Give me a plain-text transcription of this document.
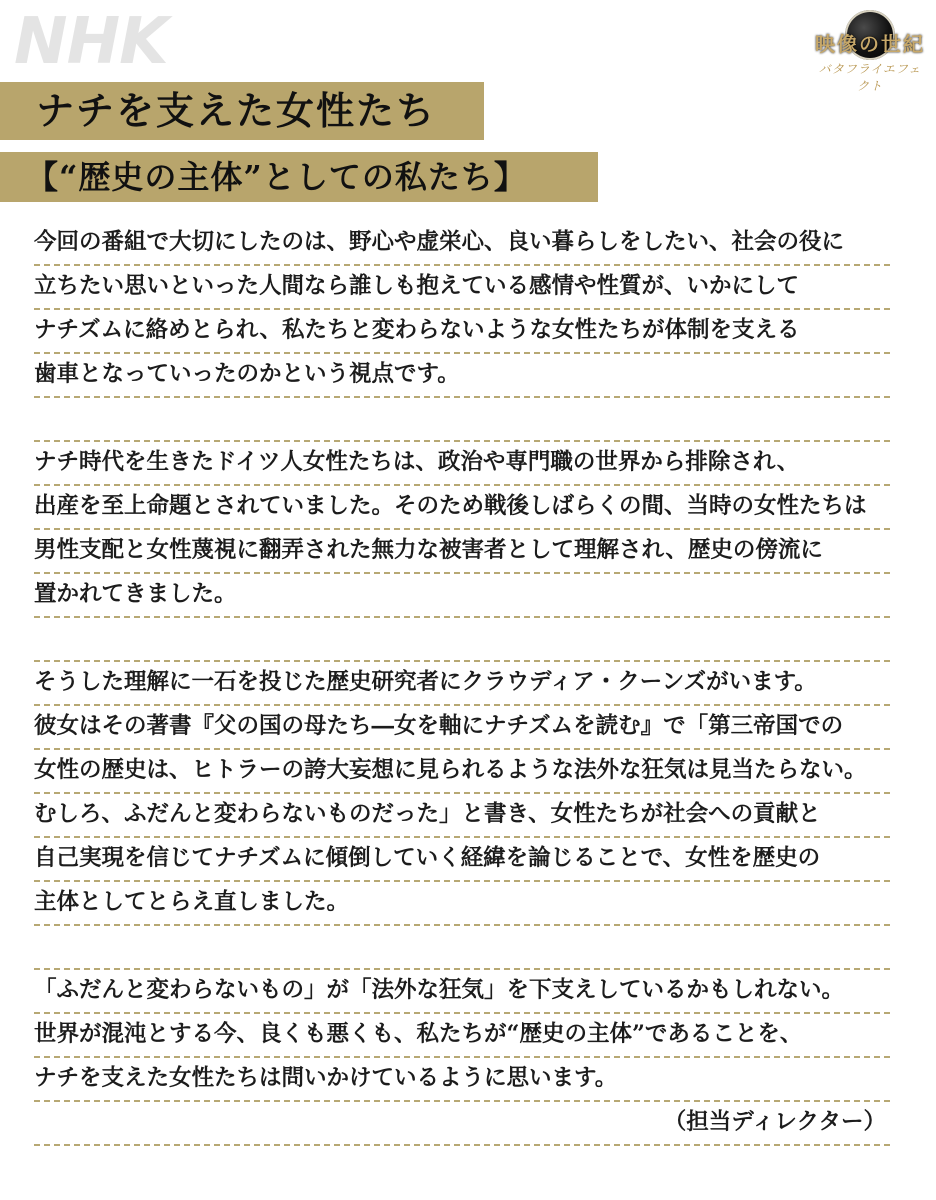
NHK	映像の世紀
バタフライエフェクト
ナチを支えた女性たち
【“歴史の主体”としての私たち】
今回の番組で大切にしたのは、野心や虚栄心、良い暮らしをしたい、社会の役に
立ちたい思いといった人間なら誰しも抱えている感情や性質が、いかにして
ナチズムに絡めとられ、私たちと変わらないような女性たちが体制を支える
歯車となっていったのかという視点です。
ナチ時代を生きたドイツ人女性たちは、政治や専門職の世界から排除され、
出産を至上命題とされていました。そのため戦後しばらくの間、当時の女性たちは
男性支配と女性蔑視に翻弄された無力な被害者として理解され、歴史の傍流に
置かれてきました。
そうした理解に一石を投じた歴史研究者にクラウディア・クーンズがいます。
彼女はその著書『父の国の母たち―女を軸にナチズムを読む』で「第三帝国での
女性の歴史は、ヒトラーの誇大妄想に見られるような法外な狂気は見当たらない。
むしろ、ふだんと変わらないものだった」と書き、女性たちが社会への貢献と
自己実現を信じてナチズムに傾倒していく経緯を論じることで、女性を歴史の
主体としてとらえ直しました。
「ふだんと変わらないもの」が「法外な狂気」を下支えしているかもしれない。
世界が混沌とする今、良くも悪くも、私たちが“歴史の主体”であることを、
ナチを支えた女性たちは問いかけているように思います。
（担当ディレクター）
